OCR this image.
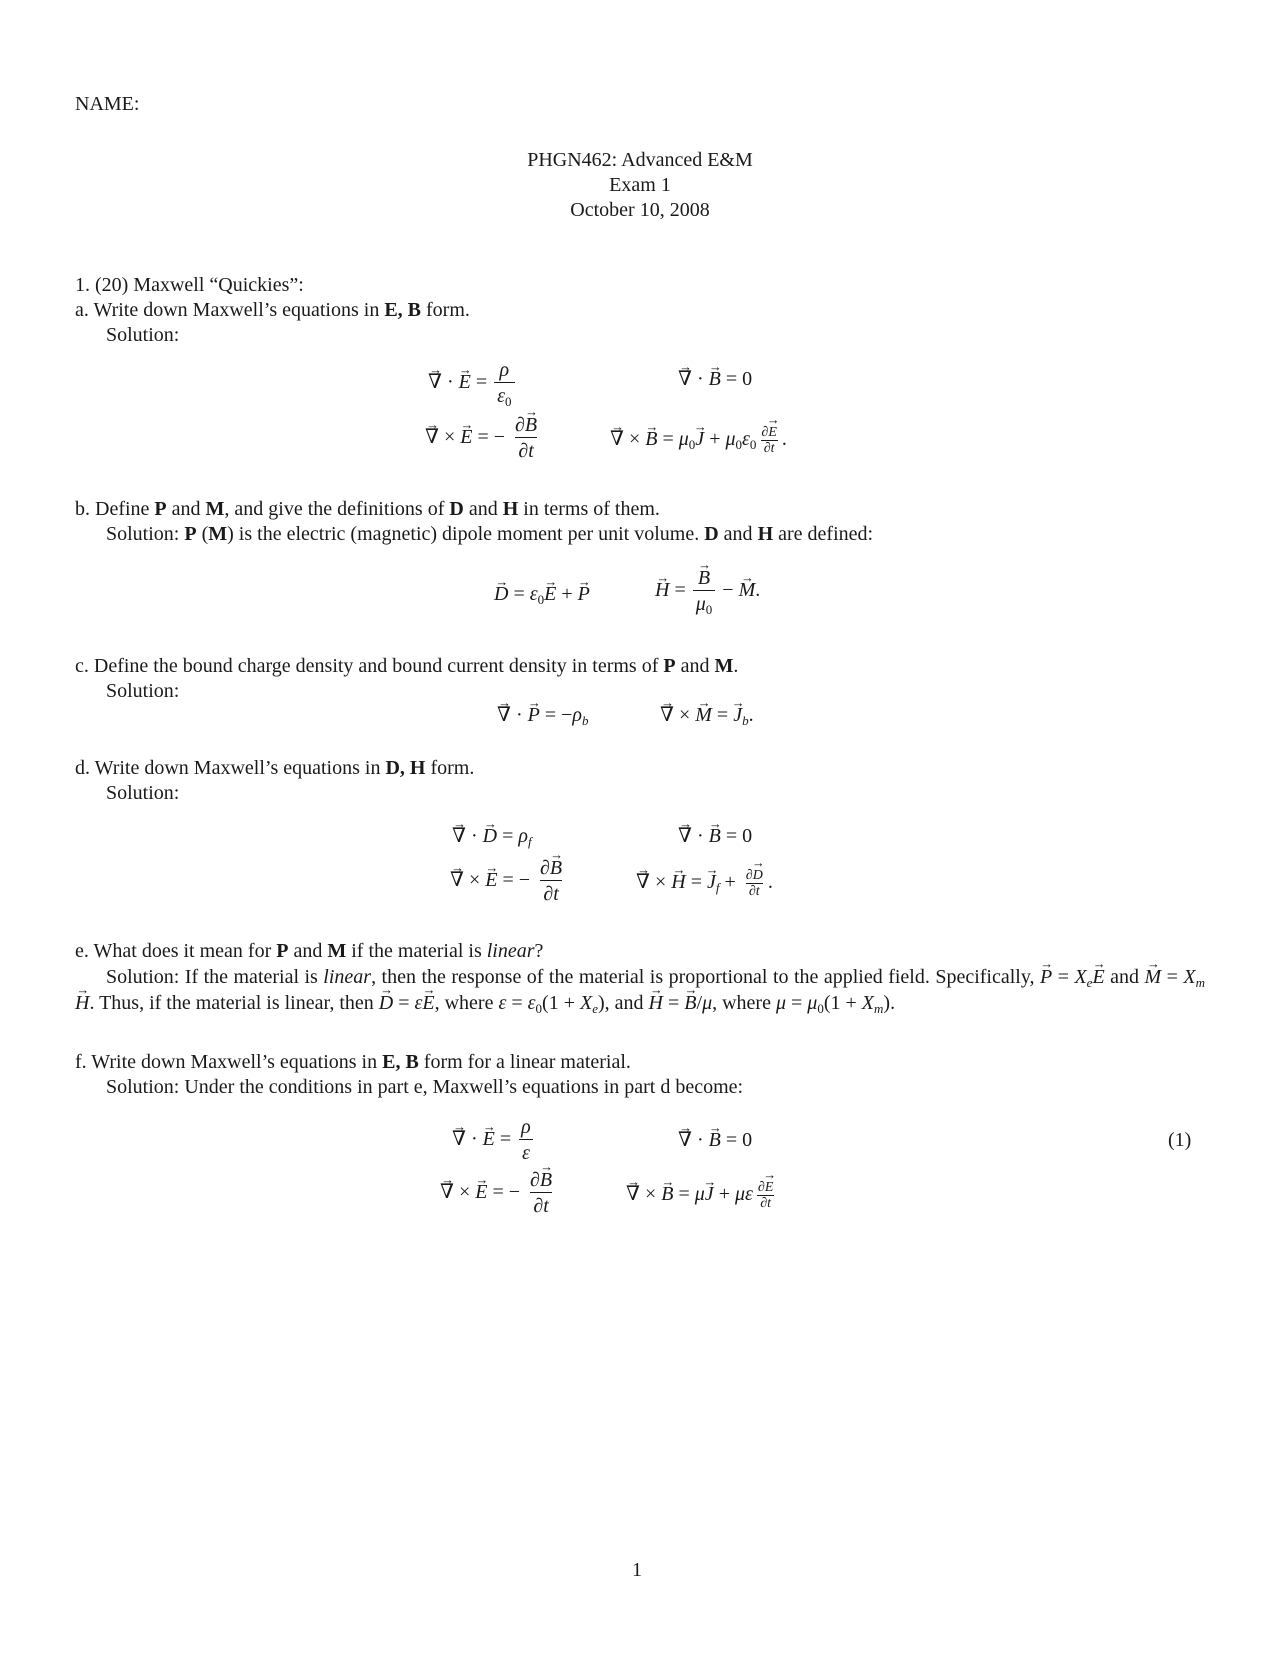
NAME:
PHGN462: Advanced E&M
Exam 1
October 10, 2008
1. (20) Maxwell “Quickies”:
a. Write down Maxwell’s equations in E, B form.
Solution:
→ ∇ · → $E = \frac{\rho}{\varepsilon_0}$	→ ∇ · → B = 0
→ ∇ × → E = − $\frac{\partial\to B}{\partial t}$	→ ∇ × → $B = \mu_0\to J + \mu_0\varepsilon_0 \frac{\partial\to E}{\partial t}$ .
b. Define P and M, and give the definitions of D and H in terms of them.
Solution: P (M) is the electric (magnetic) dipole moment per unit volume. D and H are defined:
→ $D = \varepsilon_0\to E$ + → P	→ H = → $\frac{B}{\mu_0}$ − → M.
c. Define the bound charge density and bound current density in terms of P and M.
Solution:
→ ∇ · → $P = -\rho_b$	→ ∇ × → M = → $J_b$.
d. Write down Maxwell’s equations in D, H form.
Solution:
→ ∇ · → $D = \rho_f$	→ ∇ · → B = 0
→ ∇ × → E = − $\frac{\partial\to B}{\partial t}$	→ ∇ × → H = → $J_f + \frac{\partial\to D}{\partial t}$ .
e. What does it mean for P and M if the material is linear?
Solution: If the material is linear, then the response of the material is proportional to the applied field. Specifically, → $P = X_e\to E$ and → $M = X_m\to H$. Thus, if the material is linear, then → D = ε→ E, where $\varepsilon = \varepsilon_0(1 + X_e)$, and → H = → B/μ, where $\mu = \mu_0(1 + X_m)$.
f. Write down Maxwell’s equations in E, B form for a linear material.
Solution: Under the conditions in part e, Maxwell’s equations in part d become:
→ ∇ · → $E = \frac{\rho}{\varepsilon}$	→ ∇ · → B = 0	(1)
→ ∇ × → E = − $\frac{\partial\to B}{\partial t}$	→ ∇ × → B = μ→ J + με $\frac{\partial\to E}{\partial t}$
1
